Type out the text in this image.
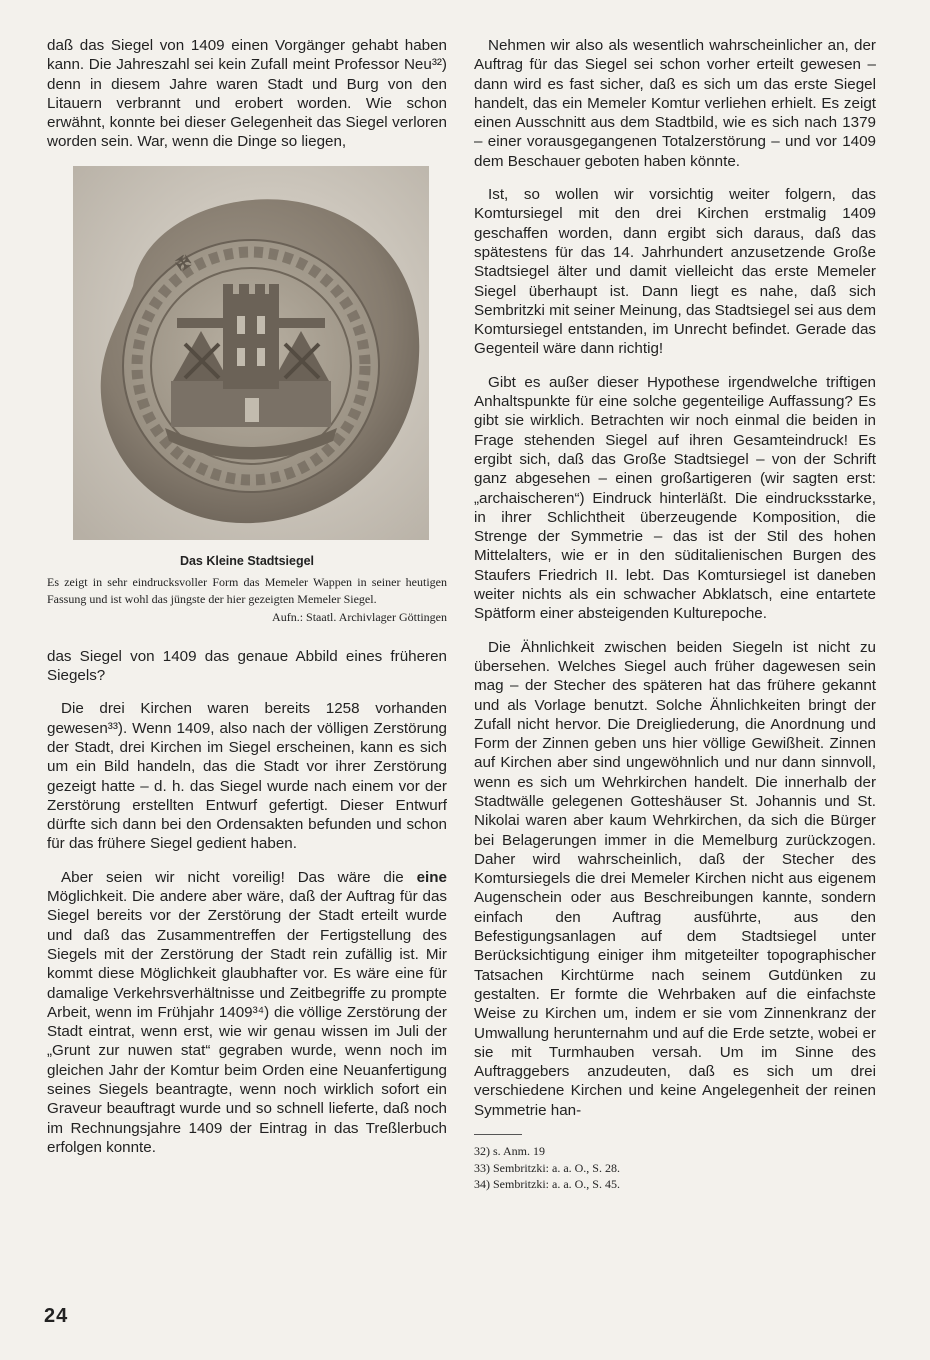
daß das Siegel von 1409 einen Vorgänger gehabt haben kann. Die Jahreszahl sei kein Zufall meint Professor Neu³²) denn in diesem Jahre waren Stadt und Burg von den Litauern verbrannt und erobert worden. Wie schon erwähnt, konnte bei dieser Gelegenheit das Siegel verloren worden sein. War, wenn die Dinge so liegen,

✠
Das Kleine Stadtsiegel

Es zeigt in sehr eindrucksvoller Form das Memeler Wappen in seiner heutigen Fassung und ist wohl das jüngste der hier gezeigten Memeler Siegel.

Aufn.: Staatl. Archivlager Göttingen

das Siegel von 1409 das genaue Abbild eines früheren Siegels?

Die drei Kirchen waren bereits 1258 vorhanden gewesen³³). Wenn 1409, also nach der völligen Zerstörung der Stadt, drei Kirchen im Siegel erscheinen, kann es sich um ein Bild handeln, das die Stadt vor ihrer Zerstörung gezeigt hatte – d. h. das Siegel wurde nach einem vor der Zerstörung erstellten Entwurf gefertigt. Dieser Entwurf dürfte sich dann bei den Ordensakten befunden und schon für das frühere Siegel gedient haben.

Aber seien wir nicht voreilig! Das wäre die eine Möglichkeit. Die andere aber wäre, daß der Auftrag für das Siegel bereits vor der Zerstörung der Stadt erteilt wurde und daß das Zusammentreffen der Fertigstellung des Siegels mit der Zerstörung der Stadt rein zufällig ist. Mir kommt diese Möglichkeit glaubhafter vor. Es wäre eine für damalige Verkehrsverhältnisse und Zeitbegriffe zu prompte Arbeit, wenn im Frühjahr 1409³⁴) die völlige Zerstörung der Stadt eintrat, wenn erst, wie wir genau wissen im Juli der „Grunt zur nuwen stat“ gegraben wurde, wenn noch im gleichen Jahr der Komtur beim Orden eine Neuanfertigung seines Siegels beantragte, wenn noch wirklich sofort ein Graveur beauftragt wurde und so schnell lieferte, daß noch im Rechnungsjahre 1409 der Eintrag in das Treßlerbuch erfolgen konnte.

Nehmen wir also als wesentlich wahrscheinlicher an, der Auftrag für das Siegel sei schon vorher erteilt gewesen – dann wird es fast sicher, daß es sich um das erste Siegel handelt, das ein Memeler Komtur verliehen erhielt. Es zeigt einen Ausschnitt aus dem Stadtbild, wie es sich nach 1379 – einer vorausgegangenen Totalzerstörung – und vor 1409 dem Beschauer geboten haben könnte.

Ist, so wollen wir vorsichtig weiter folgern, das Komtursiegel mit den drei Kirchen erstmalig 1409 geschaffen worden, dann ergibt sich daraus, daß das spätestens für das 14. Jahrhundert anzusetzende Große Stadtsiegel älter und damit vielleicht das erste Memeler Siegel überhaupt ist. Dann liegt es nahe, daß sich Sembritzki mit seiner Meinung, das Stadtsiegel sei aus dem Komtursiegel entstanden, im Unrecht befindet. Gerade das Gegenteil wäre dann richtig!

Gibt es außer dieser Hypothese irgendwelche triftigen Anhaltspunkte für eine solche gegenteilige Auffassung? Es gibt sie wirklich. Betrachten wir noch einmal die beiden in Frage stehenden Siegel auf ihren Gesamteindruck! Es ergibt sich, daß das Große Stadtsiegel – von der Schrift ganz abgesehen – einen großartigeren (wir sagten erst: „archaischeren“) Eindruck hinterläßt. Die eindrucksstarke, in ihrer Schlichtheit überzeugende Komposition, die Strenge der Symmetrie – das ist der Stil des hohen Mittelalters, wie er in den süditalienischen Burgen des Staufers Friedrich II. lebt. Das Komtursiegel ist daneben weiter nichts als ein schwacher Abklatsch, eine entartete Spätform einer absteigenden Kulturepoche.

Die Ähnlichkeit zwischen beiden Siegeln ist nicht zu übersehen. Welches Siegel auch früher dagewesen sein mag – der Stecher des späteren hat das frühere gekannt und als Vorlage benutzt. Solche Ähnlichkeiten bringt der Zufall nicht hervor. Die Dreigliederung, die Anordnung und Form der Zinnen geben uns hier völlige Gewißheit. Zinnen auf Kirchen aber sind ungewöhnlich und nur dann sinnvoll, wenn es sich um Wehrkirchen handelt. Die innerhalb der Stadtwälle gelegenen Gotteshäuser St. Johannis und St. Nikolai waren aber kaum Wehrkirchen, da sich die Bürger bei Belagerungen immer in die Memelburg zurückzogen. Daher wird wahrscheinlich, daß der Stecher des Komtursiegels die drei Memeler Kirchen nicht aus eigenem Augenschein oder aus Beschreibungen kannte, sondern einfach den Auftrag ausführte, aus den Befestigungsanlagen auf dem Stadtsiegel unter Berücksichtigung einiger ihm mitgeteilter topographischer Tatsachen Kirchtürme nach seinem Gutdünken zu gestalten. Er formte die Wehrbaken auf die einfachste Weise zu Kirchen um, indem er sie vom Zinnenkranz der Umwallung herunternahm und auf die Erde setzte, wobei er sie mit Turmhauben versah. Um im Sinne des Auftraggebers anzudeuten, daß es sich um drei verschiedene Kirchen und keine Angelegenheit der reinen Symmetrie han-

32) s. Anm. 19
33) Sembritzki: a. a. O., S. 28.
34) Sembritzki: a. a. O., S. 45.
24
